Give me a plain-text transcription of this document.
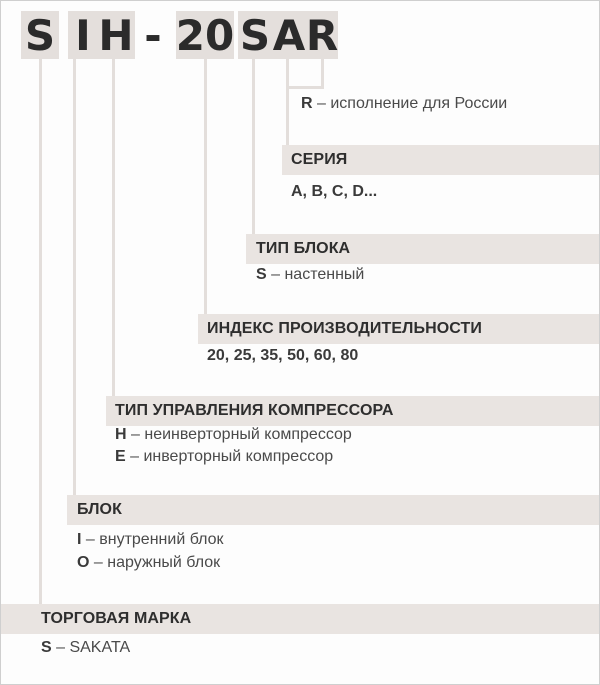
S I H - 20 S A R
R – исполнение для России
СЕРИЯ
A, B, C, D...
ТИП БЛОКА
S – настенный
ИНДЕКС ПРОИЗВОДИТЕЛЬНОСТИ
20, 25, 35, 50, 60, 80
ТИП УПРАВЛЕНИЯ КОМПРЕССОРА
H – неинверторный компрессор
E – инверторный компрессор
БЛОК
I – внутренний блок
O – наружный блок
ТОРГОВАЯ МАРКА
S – SAKATA
